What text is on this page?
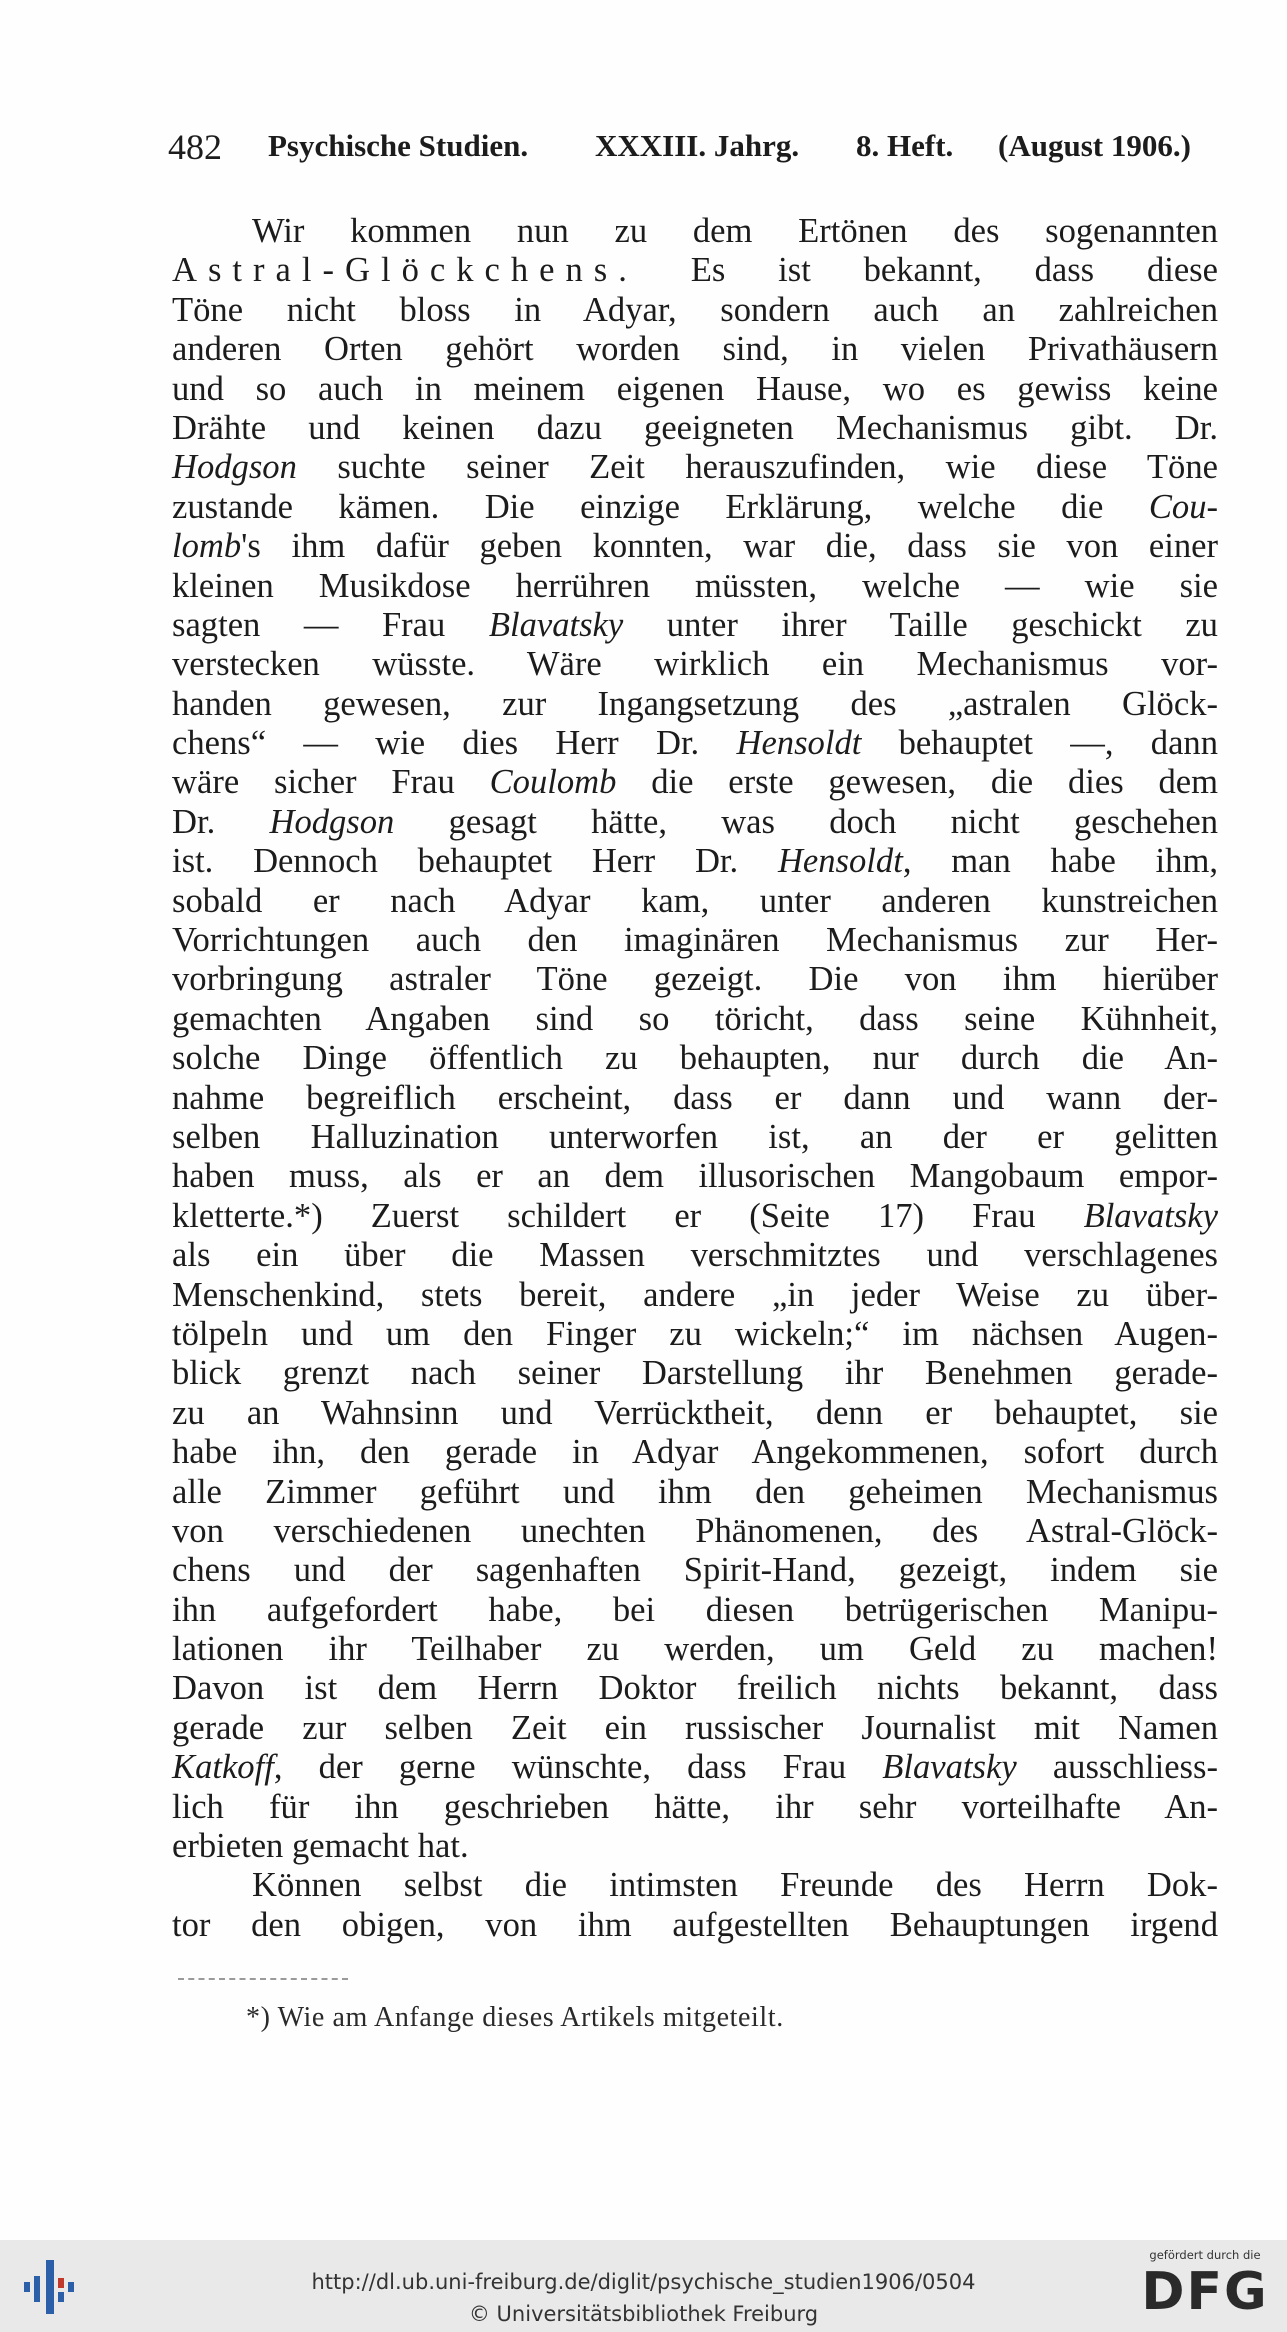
482 Psychische Studien. XXXIII. Jahrg. 8. Heft. (August 1906.)
Wir kommen nun zu dem Ertönen des sogenannten
Astral-Glöckchens. Es ist bekannt, dass diese
Töne nicht bloss in Adyar, sondern auch an zahlreichen
anderen Orten gehört worden sind, in vielen Privathäusern
und so auch in meinem eigenen Hause, wo es gewiss keine
Drähte und keinen dazu geeigneten Mechanismus gibt. Dr.
Hodgson suchte seiner Zeit herauszufinden, wie diese Töne
zustande kämen. Die einzige Erklärung, welche die Cou-
lomb's ihm dafür geben konnten, war die, dass sie von einer
kleinen Musikdose herrühren müssten, welche — wie sie
sagten — Frau Blavatsky unter ihrer Taille geschickt zu
verstecken wüsste. Wäre wirklich ein Mechanismus vor-
handen gewesen, zur Ingangsetzung des „astralen Glöck-
chens“ — wie dies Herr Dr. Hensoldt behauptet —, dann
wäre sicher Frau Coulomb die erste gewesen, die dies dem
Dr. Hodgson gesagt hätte, was doch nicht geschehen
ist. Dennoch behauptet Herr Dr. Hensoldt, man habe ihm,
sobald er nach Adyar kam, unter anderen kunstreichen
Vorrichtungen auch den imaginären Mechanismus zur Her-
vorbringung astraler Töne gezeigt. Die von ihm hierüber
gemachten Angaben sind so töricht, dass seine Kühnheit,
solche Dinge öffentlich zu behaupten, nur durch die An-
nahme begreiflich erscheint, dass er dann und wann der-
selben Halluzination unterworfen ist, an der er gelitten
haben muss, als er an dem illusorischen Mangobaum empor-
kletterte.*) Zuerst schildert er (Seite 17) Frau Blavatsky
als ein über die Massen verschmitztes und verschlagenes
Menschenkind, stets bereit, andere „in jeder Weise zu über-
tölpeln und um den Finger zu wickeln;“ im nächsen Augen-
blick grenzt nach seiner Darstellung ihr Benehmen gerade-
zu an Wahnsinn und Verrücktheit, denn er behauptet, sie
habe ihn, den gerade in Adyar Angekommenen, sofort durch
alle Zimmer geführt und ihm den geheimen Mechanismus
von verschiedenen unechten Phänomenen, des Astral-Glöck-
chens und der sagenhaften Spirit-Hand, gezeigt, indem sie
ihn aufgefordert habe, bei diesen betrügerischen Manipu-
lationen ihr Teilhaber zu werden, um Geld zu machen!
Davon ist dem Herrn Doktor freilich nichts bekannt, dass
gerade zur selben Zeit ein russischer Journalist mit Namen
Katkoff, der gerne wünschte, dass Frau Blavatsky ausschliess-
lich für ihn geschrieben hätte, ihr sehr vorteilhafte An-
erbieten gemacht hat.
Können selbst die intimsten Freunde des Herrn Dok-
tor den obigen, von ihm aufgestellten Behauptungen irgend
*) Wie am Anfange dieses Artikels mitgeteilt.
http://dl.ub.uni-freiburg.de/diglit/psychische_studien1906/0504
© Universitätsbibliothek Freiburg
gefördert durch die
DFG
